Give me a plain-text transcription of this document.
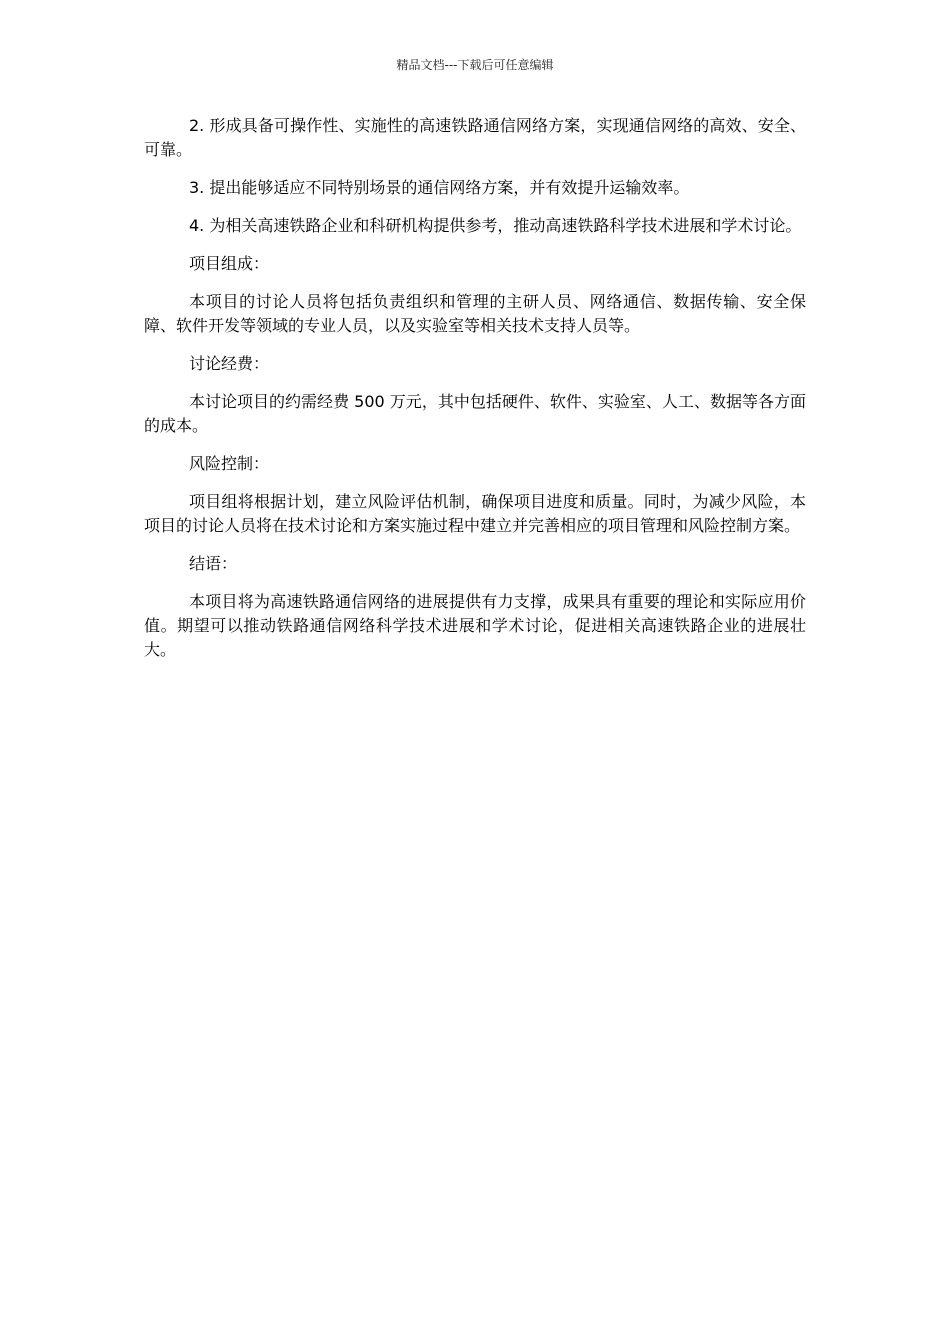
精品文档---下载后可任意编辑

2. 形成具备可操作性、实施性的高速铁路通信网络方案，实现通信网络的高效、安全、可靠。

3. 提出能够适应不同特别场景的通信网络方案，并有效提升运输效率。

4. 为相关高速铁路企业和科研机构提供参考，推动高速铁路科学技术进展和学术讨论。

项目组成：

本项目的讨论人员将包括负责组织和管理的主研人员、网络通信、数据传输、安全保障、软件开发等领域的专业人员，以及实验室等相关技术支持人员等。

讨论经费：

本讨论项目的约需经费 500 万元，其中包括硬件、软件、实验室、人工、数据等各方面的成本。

风险控制：

项目组将根据计划，建立风险评估机制，确保项目进度和质量。同时，为减少风险，本项目的讨论人员将在技术讨论和方案实施过程中建立并完善相应的项目管理和风险控制方案。

结语：

本项目将为高速铁路通信网络的进展提供有力支撑，成果具有重要的理论和实际应用价值。期望可以推动铁路通信网络科学技术进展和学术讨论，促进相关高速铁路企业的进展壮大。
